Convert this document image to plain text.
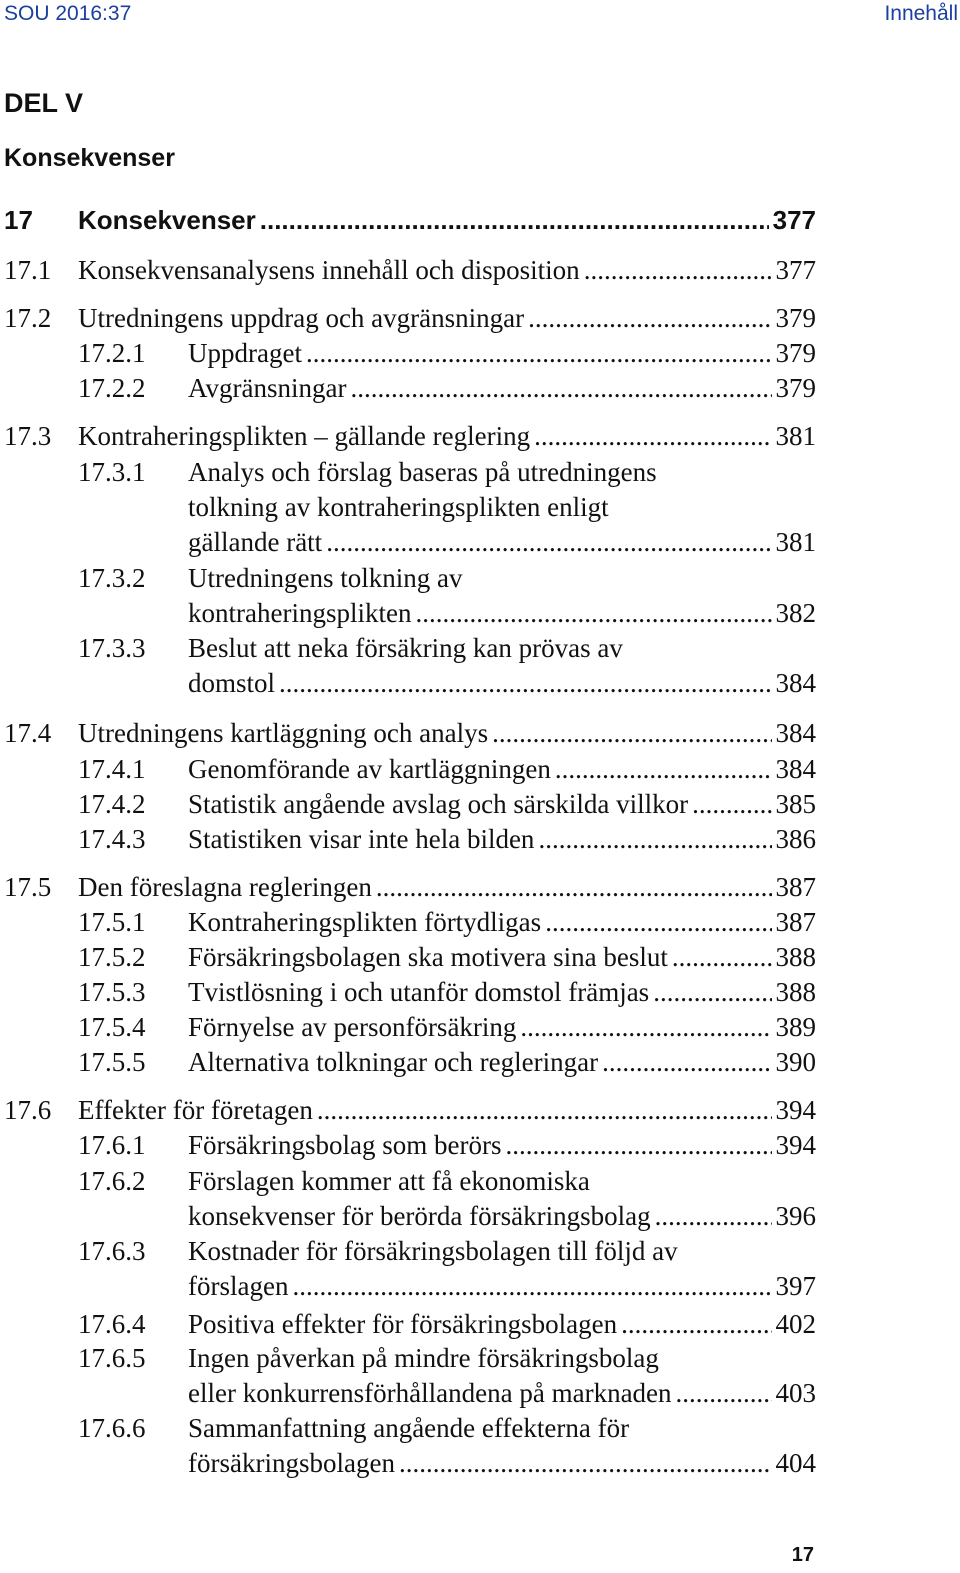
SOU 2016:37	Innehåll
DEL V
Konsekvenser
17 Konsekvenser .....	377
17.1 Konsekvensanalysens innehåll och disposition .....	377
17.2 Utredningens uppdrag och avgränsningar .....	379
17.2.1 Uppdraget .....	379
17.2.2 Avgränsningar .....	379
17.3 Kontraheringsplikten – gällande reglering .....	381
17.3.1 Analys och förslag baseras på utredningens
tolkning av kontraheringsplikten enligt
gällande rätt .....	381
17.3.2 Utredningens tolkning av
kontraheringsplikten .....	382
17.3.3 Beslut att neka försäkring kan prövas av
domstol .....	384
17.4 Utredningens kartläggning och analys .....	384
17.4.1 Genomförande av kartläggningen .....	384
17.4.2 Statistik angående avslag och särskilda villkor .....	385
17.4.3 Statistiken visar inte hela bilden .....	386
17.5 Den föreslagna regleringen .....	387
17.5.1 Kontraheringsplikten förtydligas .....	387
17.5.2 Försäkringsbolagen ska motivera sina beslut .....	388
17.5.3 Tvistlösning i och utanför domstol främjas .....	388
17.5.4 Förnyelse av personförsäkring .....	389
17.5.5 Alternativa tolkningar och regleringar .....	390
17.6 Effekter för företagen .....	394
17.6.1 Försäkringsbolag som berörs .....	394
17.6.2 Förslagen kommer att få ekonomiska
konsekvenser för berörda försäkringsbolag .....	396
17.6.3 Kostnader för försäkringsbolagen till följd av
förslagen .....	397
17.6.4 Positiva effekter för försäkringsbolagen .....	402
17.6.5 Ingen påverkan på mindre försäkringsbolag
eller konkurrensförhållandena på marknaden .....	403
17.6.6 Sammanfattning angående effekterna för
försäkringsbolagen .....	404
17
